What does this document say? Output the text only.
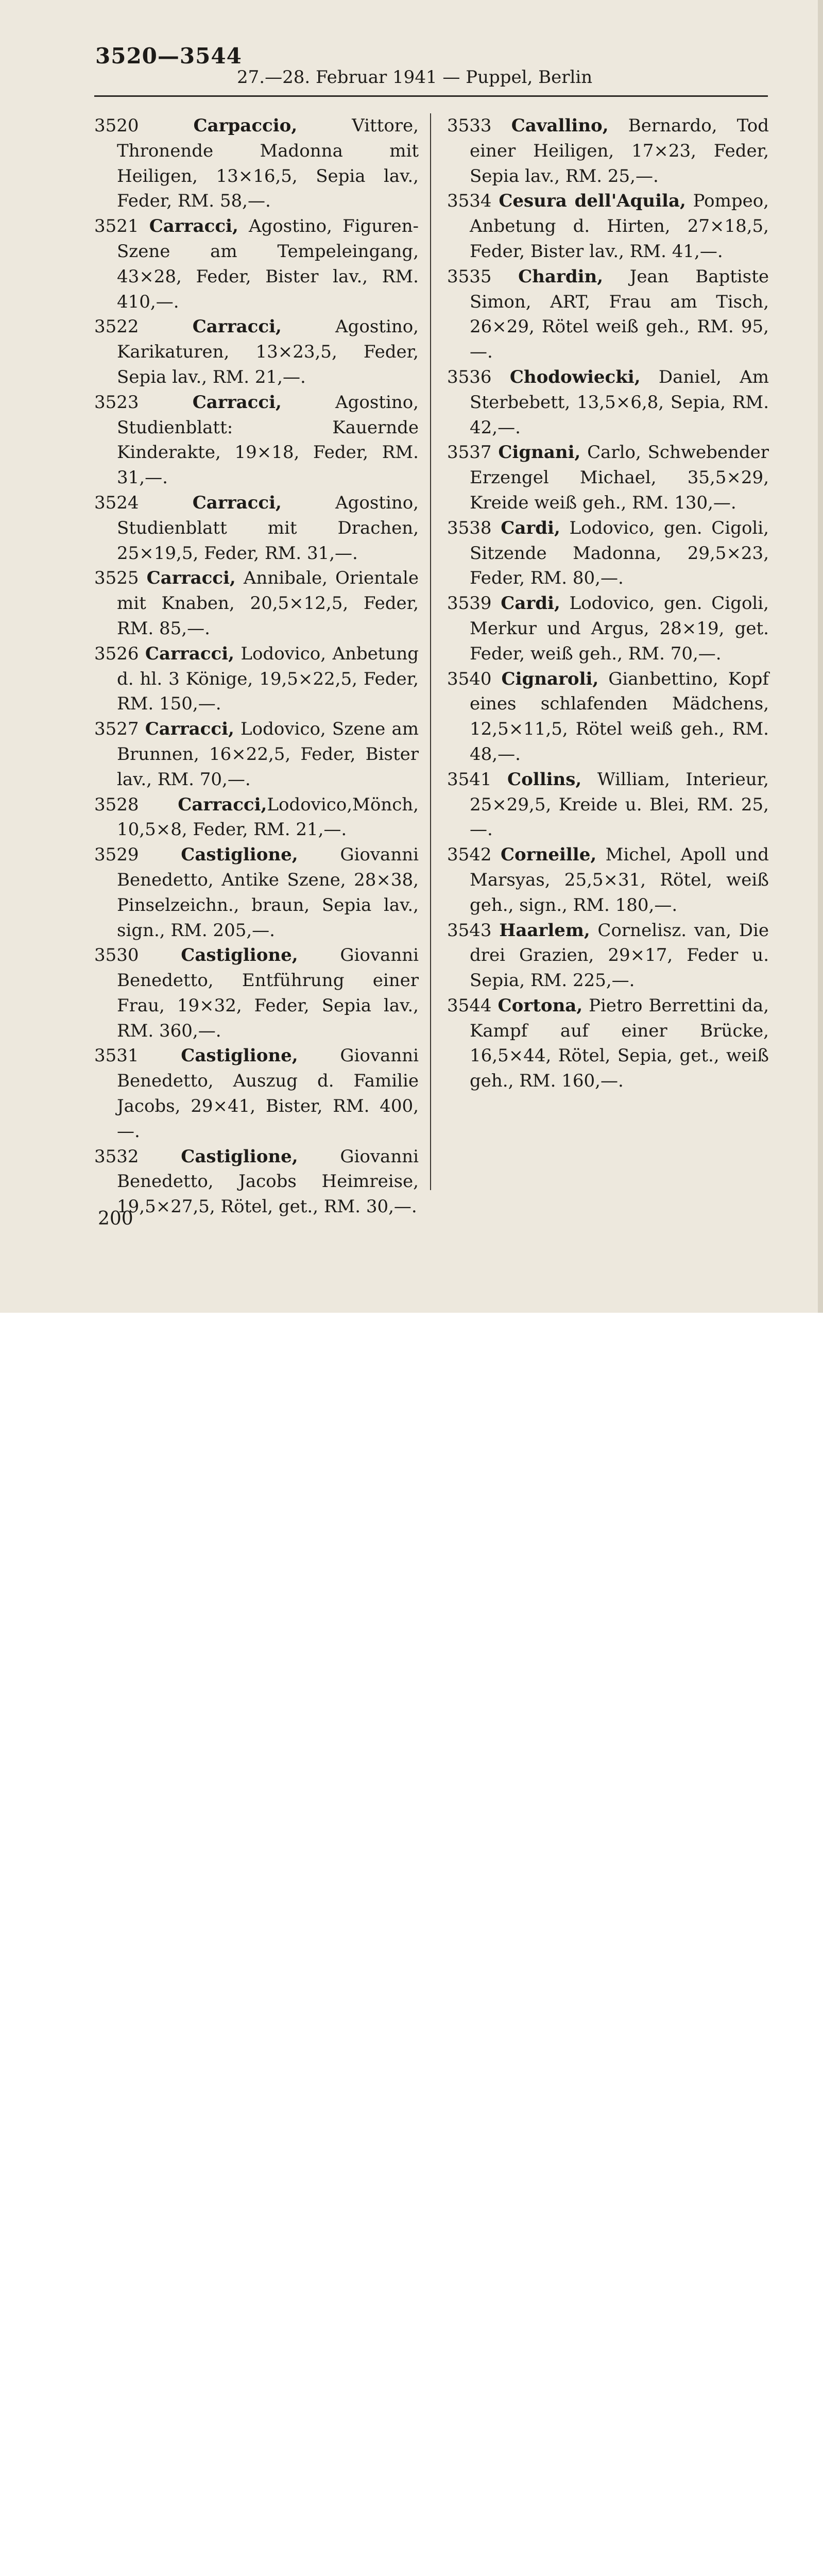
3520—3544
27.—28. Februar 1941 — Puppel, Berlin

3520 Carpaccio, Vittore, Thronende Madonna mit Heiligen, 13×16,5, Sepia lav., Feder, RM. 58,—.

3521 Carracci, Agostino, Figuren-Szene am Tempeleingang, 43×28, Feder, Bister lav., RM. 410,—.

3522 Carracci, Agostino, Karikaturen, 13×23,5, Feder, Sepia lav., RM. 21,—.

3523 Carracci, Agostino, Studienblatt: Kauernde Kinderakte, 19×18, Feder, RM. 31,—.

3524 Carracci, Agostino, Studienblatt mit Drachen, 25×19,5, Feder, RM. 31,—.

3525 Carracci, Annibale, Orientale mit Knaben, 20,5×12,5, Feder, RM. 85,—.

3526 Carracci, Lodovico, Anbetung d. hl. 3 Könige, 19,5×22,5, Feder, RM. 150,—.

3527 Carracci, Lodovico, Szene am Brunnen, 16×22,5, Feder, Bister lav., RM. 70,—.

3528 Carracci,Lodovico,Mönch, 10,5×8, Feder, RM. 21,—.

3529 Castiglione, Giovanni Benedetto, Antike Szene, 28×38, Pinselzeichn., braun, Sepia lav., sign., RM. 205,—.

3530 Castiglione, Giovanni Benedetto, Entführung einer Frau, 19×32, Feder, Sepia lav., RM. 360,—.

3531 Castiglione, Giovanni Benedetto, Auszug d. Familie Jacobs, 29×41, Bister, RM. 400,—.

3532 Castiglione, Giovanni Benedetto, Jacobs Heimreise, 19,5×27,5, Rötel, get., RM. 30,—.

3533 Cavallino, Bernardo, Tod einer Heiligen, 17×23, Feder, Sepia lav., RM. 25,—.

3534 Cesura dell'Aquila, Pompeo, Anbetung d. Hirten, 27×18,5, Feder, Bister lav., RM. 41,—.

3535 Chardin, Jean Baptiste Simon, ART, Frau am Tisch, 26×29, Rötel weiß geh., RM. 95,—.

3536 Chodowiecki, Daniel, Am Sterbebett, 13,5×6,8, Sepia, RM. 42,—.

3537 Cignani, Carlo, Schwebender Erzengel Michael, 35,5×29, Kreide weiß geh., RM. 130,—.

3538 Cardi, Lodovico, gen. Cigoli, Sitzende Madonna, 29,5×23, Feder, RM. 80,—.

3539 Cardi, Lodovico, gen. Cigoli, Merkur und Argus, 28×19, get. Feder, weiß geh., RM. 70,—.

3540 Cignaroli, Gianbettino, Kopf eines schlafenden Mädchens, 12,5×11,5, Rötel weiß geh., RM. 48,—.

3541 Collins, William, Interieur, 25×29,5, Kreide u. Blei, RM. 25,—.

3542 Corneille, Michel, Apoll und Marsyas, 25,5×31, Rötel, weiß geh., sign., RM. 180,—.

3543 Haarlem, Cornelisz. van, Die drei Grazien, 29×17, Feder u. Sepia, RM. 225,—.

3544 Cortona, Pietro Berrettini da, Kampf auf einer Brücke, 16,5×44, Rötel, Sepia, get., weiß geh., RM. 160,—.

200
